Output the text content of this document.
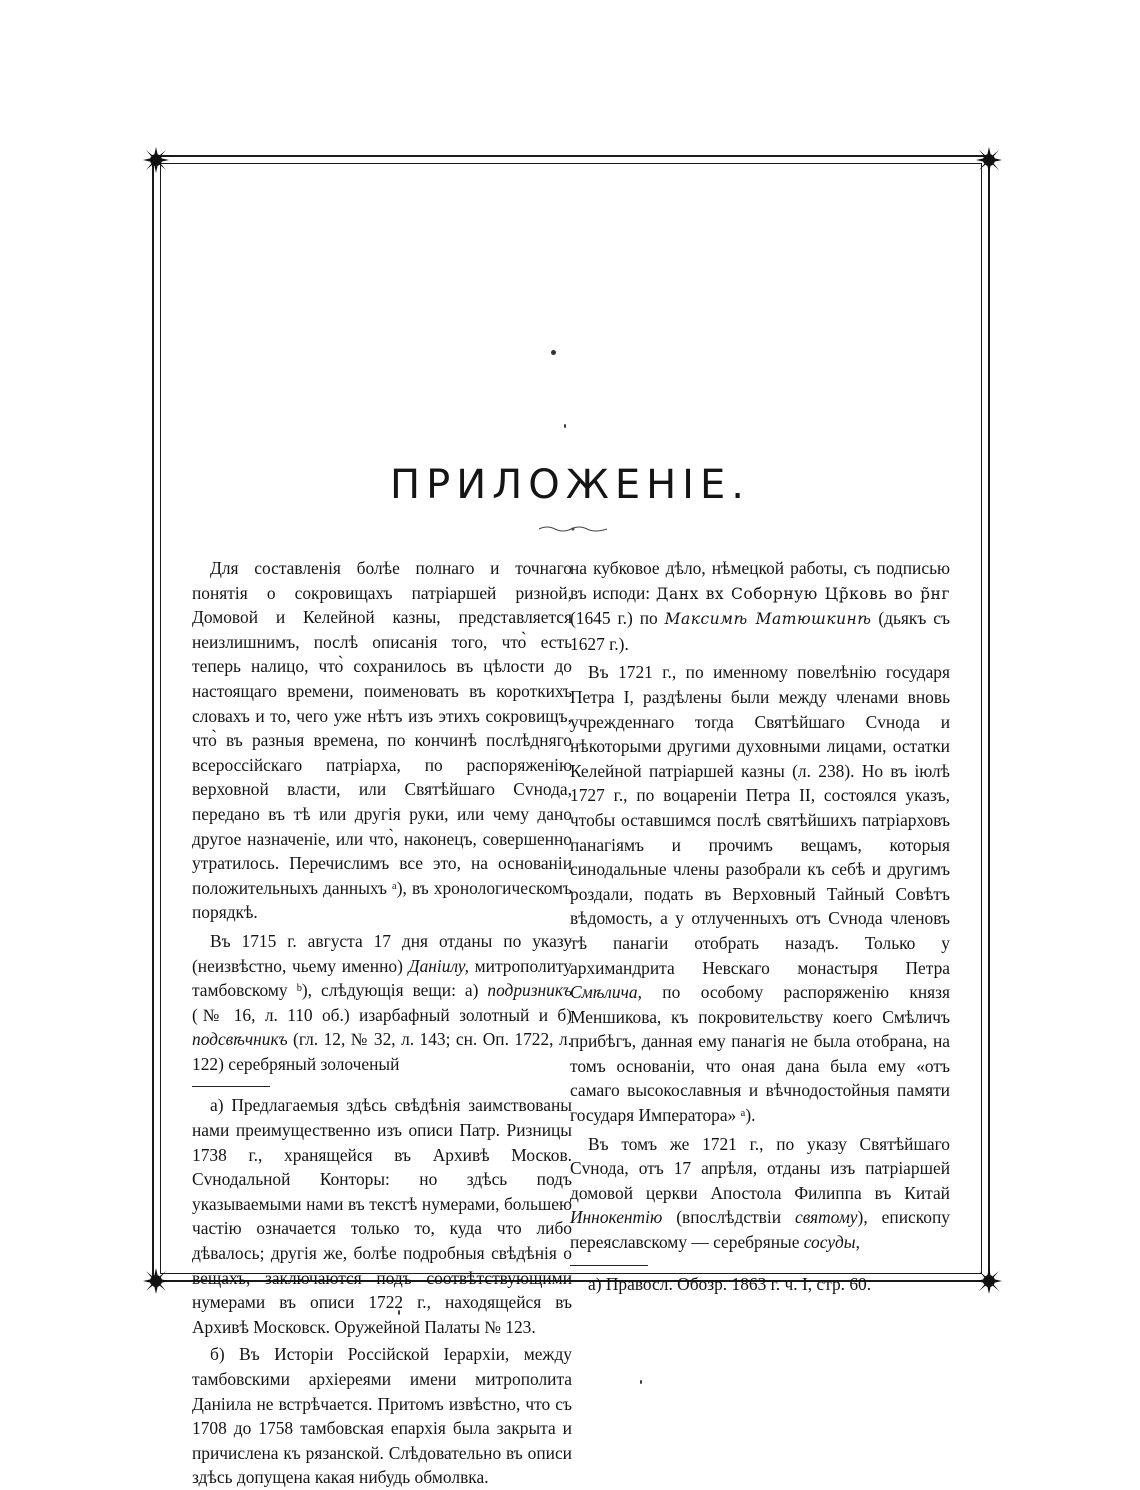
ПРИЛОЖЕНІЕ.

Для составленія болѣе полнаго и точнаго понятія о сокровищахъ патріаршей ризной, Домовой и Келейной казны, представляется неизлишнимъ, послѣ описанія того, что̀ есть теперь налицо, что̀ сохранилось въ цѣлости до настоящаго времени, поименовать въ короткихъ словахъ и то, чего уже нѣтъ изъ этихъ сокровищъ, что̀ въ разныя времена, по кончинѣ послѣдняго всероссійскаго патріарха, по распоряженію верховной власти, или Святѣйшаго Сvнода, передано въ тѣ или другія руки, или чему дано другое назначеніе, или что̀, наконецъ, совершенно утратилось. Перечислимъ все это, на основаніи положительныхъ данныхъ ᵃ), въ хронологическомъ порядкѣ.

Въ 1715 г. августа 17 дня отданы по указу (неизвѣстно, чьему именно) Даніилу, митрополиту тамбовскому ᵇ), слѣдующія вещи: а) подризникъ (№ 16, л. 110 об.) изарбафный золотный и б) подсвѣчникъ (гл. 12, № 32, л. 143; сн. Оп. 1722, л. 122) серебряный золоченый

а) Предлагаемыя здѣсь свѣдѣнія заимствованы нами преимущественно изъ описи Патр. Ризницы 1738 г., хранящейся въ Архивѣ Москов. Сvнодальной Конторы: но здѣсь подъ указываемыми нами въ текстѣ нумерами, большею частію означается только то, куда что либо дѣвалось; другія же, болѣе подробныя свѣдѣнія о вещахъ, заключаются подъ соотвѣтствующими нумерами въ описи 1722 г., находящейся въ Архивѣ Московск. Оружейной Палаты № 123.

б) Въ Исторіи Россійской Іерархіи, между тамбовскими архіереями имени митрополита Даніила не встрѣчается. Притомъ извѣстно, что съ 1708 до 1758 тамбовская епархія была закрыта и причислена къ рязанской. Слѣдовательно въ описи здѣсь допущена какая нибудь обмолвка.

на кубковое дѣло, нѣмецкой работы, съ подписью въ исподи: Данх вх Соборную Цр̃ковь во р̃нг (1645 г.) по Максимѣ Матюшкинѣ (дьякъ съ 1627 г.).

Въ 1721 г., по именному повелѣнію государя Петра I, раздѣлены были между членами вновь учрежденнаго тогда Святѣйшаго Сvнода и нѣкоторыми другими духовными лицами, остатки Келейной патріаршей казны (л. 238). Но въ іюлѣ 1727 г., по воцареніи Петра II, состоялся указъ, чтобы оставшимся послѣ святѣйшихъ патріарховъ панагіямъ и прочимъ вещамъ, которыя синодальные члены разобрали къ себѣ и другимъ роздали, подать въ Верховный Тайный Совѣтъ вѣдомость, а у отлученныхъ отъ Сvнода членовъ тѣ панагіи отобрать назадъ. Только у архимандрита Невскаго монастыря Петра Смѣлича, по особому распоряженію князя Меншикова, къ покровительству коего Смѣличъ прибѣгъ, данная ему панагія не была отобрана, на томъ основаніи, что оная дана была ему «отъ самаго высокославныя и вѣчнодостойныя памяти государя Императора» ᵃ).

Въ томъ же 1721 г., по указу Святѣйшаго Сvнода, отъ 17 апрѣля, отданы изъ патріаршей домовой церкви Апостола Филиппа въ Китай Иннокентію (впослѣдствіи святому), епископу переяславскому — серебряные сосуды,

а) Правосл. Обозр. 1863 г. ч. I, стр. 60.
